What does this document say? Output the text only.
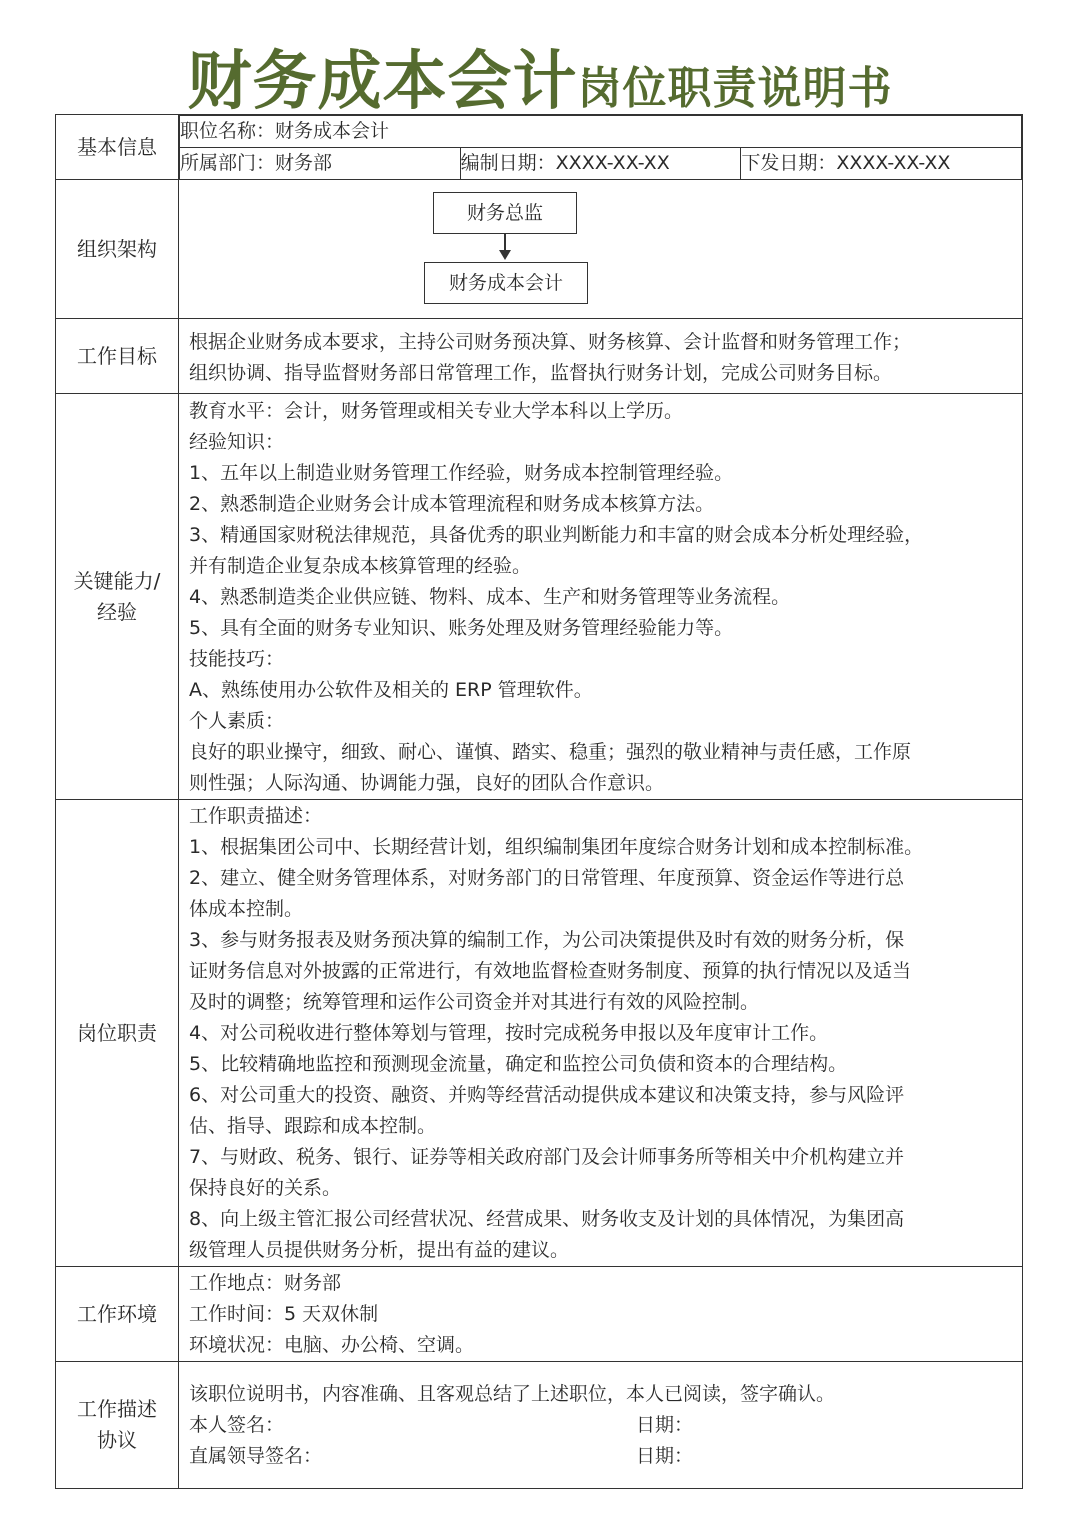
财务成本会计岗位职责说明书
基本信息	
职位名称：财务成本会计
所属部门：财务部	编制日期：XXXX-XX-XX	下发日期：XXXX-XX-XX

组织架构	
财务总监
财务成本会计

工作目标	
根据企业财务成本要求，主持公司财务预决算、财务核算、会计监督和财务管理工作；
组织协调、指导监督财务部日常管理工作，监督执行财务计划，完成公司财务目标。

关键能力/
经验

教育水平：会计，财务管理或相关专业大学本科以上学历。
经验知识：
1、五年以上制造业财务管理工作经验，财务成本控制管理经验。
2、熟悉制造企业财务会计成本管理流程和财务成本核算方法。
3、精通国家财税法律规范，具备优秀的职业判断能力和丰富的财会成本分析处理经验，
并有制造企业复杂成本核算管理的经验。
4、熟悉制造类企业供应链、物料、成本、生产和财务管理等业务流程。
5、具有全面的财务专业知识、账务处理及财务管理经验能力等。
技能技巧：
A、熟练使用办公软件及相关的 ERP 管理软件。
个人素质：
良好的职业操守，细致、耐心、谨慎、踏实、稳重；强烈的敬业精神与责任感，工作原
则性强；人际沟通、协调能力强，良好的团队合作意识。

岗位职责	
工作职责描述：
1、根据集团公司中、长期经营计划，组织编制集团年度综合财务计划和成本控制标准。
2、建立、健全财务管理体系，对财务部门的日常管理、年度预算、资金运作等进行总
体成本控制。
3、参与财务报表及财务预决算的编制工作，为公司决策提供及时有效的财务分析，保
证财务信息对外披露的正常进行，有效地监督检查财务制度、预算的执行情况以及适当
及时的调整；统筹管理和运作公司资金并对其进行有效的风险控制。
4、对公司税收进行整体筹划与管理，按时完成税务申报以及年度审计工作。
5、比较精确地监控和预测现金流量，确定和监控公司负债和资本的合理结构。
6、对公司重大的投资、融资、并购等经营活动提供成本建议和决策支持，参与风险评
估、指导、跟踪和成本控制。
7、与财政、税务、银行、证券等相关政府部门及会计师事务所等相关中介机构建立并
保持良好的关系。
8、向上级主管汇报公司经营状况、经营成果、财务收支及计划的具体情况，为集团高
级管理人员提供财务分析，提出有益的建议。

工作环境	
工作地点：财务部
工作时间：5 天双休制
环境状况：电脑、办公椅、空调。

工作描述
协议

该职位说明书，内容准确、且客观总结了上述职位，本人已阅读，签字确认。
本人签名：	日期：
直属领导签名：	日期：
